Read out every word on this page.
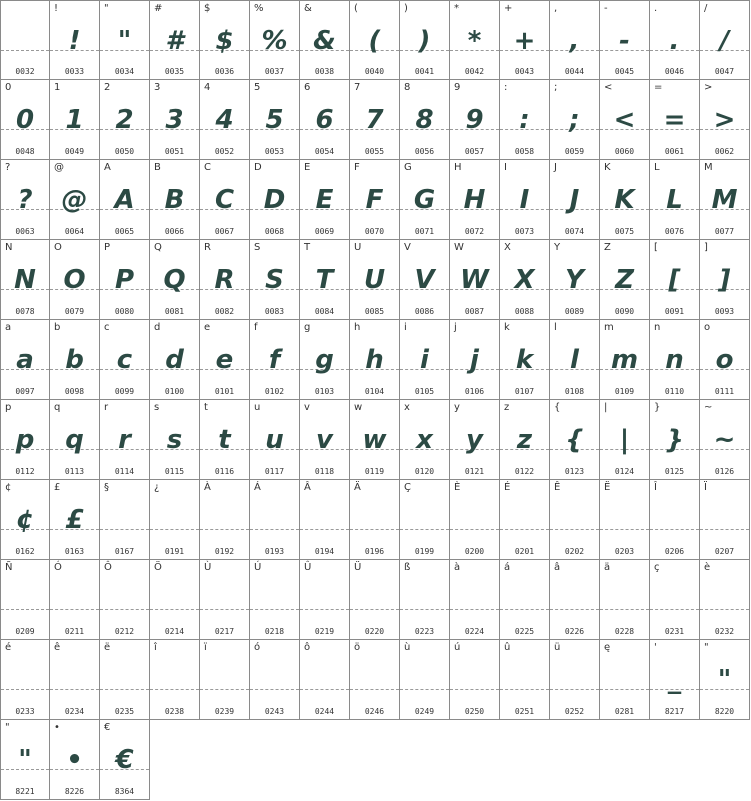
0032
!
!
0033
"
"
0034
#
#
0035
$
$
0036
%
%
0037
&
&
0038
(
(
0040
)
)
0041
*
*
0042
+
+
0043
,
,
0044
-
-
0045
.
.
0046
/
/
0047
0
0
0048
1
1
0049
2
2
0050
3
3
0051
4
4
0052
5
5
0053
6
6
0054
7
7
0055
8
8
0056
9
9
0057
:
:
0058
;
;
0059
<
<
0060
=
=
0061
>
>
0062
?
?
0063
@
@
0064
A
A
0065
B
B
0066
C
C
0067
D
D
0068
E
E
0069
F
F
0070
G
G
0071
H
H
0072
I
I
0073
J
J
0074
K
K
0075
L
L
0076
M
M
0077
N
N
0078
O
O
0079
P
P
0080
Q
Q
0081
R
R
0082
S
S
0083
T
T
0084
U
U
0085
V
V
0086
W
W
0087
X
X
0088
Y
Y
0089
Z
Z
0090
[
[
0091
]
]
0093
a
a
0097
b
b
0098
c
c
0099
d
d
0100
e
e
0101
f
f
0102
g
g
0103
h
h
0104
i
i
0105
j
j
0106
k
k
0107
l
l
0108
m
m
0109
n
n
0110
o
o
0111
p
p
0112
q
q
0113
r
r
0114
s
s
0115
t
t
0116
u
u
0117
v
v
0118
w
w
0119
x
x
0120
y
y
0121
z
z
0122
{
{
0123
|
|
0124
}
}
0125
~
~
0126
¢
¢
0162
£
£
0163
§
0167
¿
0191
À
0192
Á
0193
Â
0194
Ä
0196
Ç
0199
È
0200
É
0201
Ê
0202
Ë
0203
Î
0206
Ï
0207
Ñ
0209
Ó
0211
Ô
0212
Ö
0214
Ù
0217
Ú
0218
Û
0219
Ü
0220
ß
0223
à
0224
á
0225
â
0226
ä
0228
ç
0231
è
0232
é
0233
ê
0234
ë
0235
î
0238
ï
0239
ó
0243
ô
0244
ö
0246
ù
0249
ú
0250
û
0251
ü
0252
ę
0281
'
_
8217
"
"
8220
"
"
8221
•
•
8226
€
€
8364
